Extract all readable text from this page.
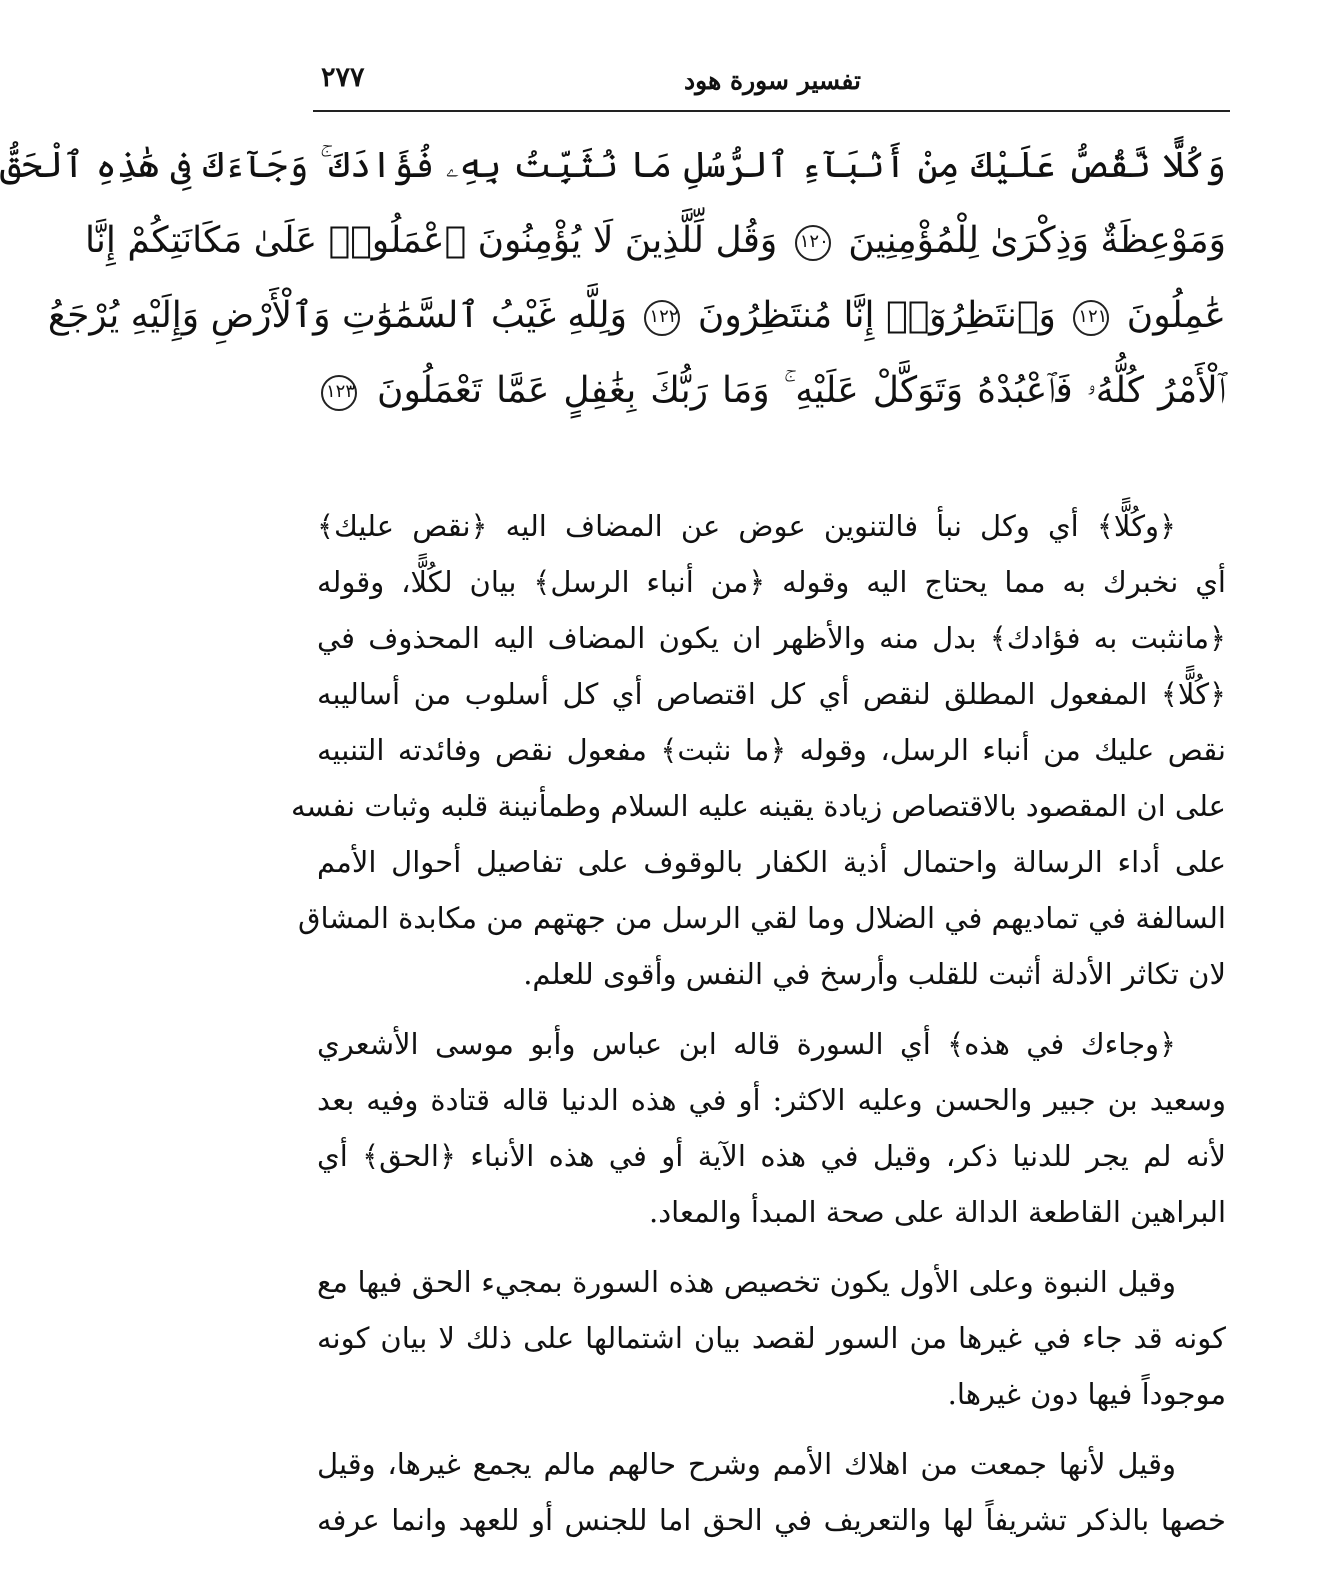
٢٧٧	تفسير سورة هود
وَكُلًّا نَّقُصُّ عَلَيْكَ مِنْ أَنۢبَآءِ ٱلرُّسُلِ مَا نُثَبِّتُ بِهِۦ فُؤَادَكَ ۚ وَجَآءَكَ فِى هَٰذِهِ ٱلْحَقُّ
وَمَوْعِظَةٌ وَذِكْرَىٰ لِلْمُؤْمِنِينَ ١٢٠ وَقُل لِّلَّذِينَ لَا يُؤْمِنُونَ ٱعْمَلُوا۟ عَلَىٰ مَكَانَتِكُمْ إِنَّا
عَٰمِلُونَ ١٢١ وَٱنتَظِرُوٓا۟ إِنَّا مُنتَظِرُونَ ١٢٢ وَلِلَّهِ غَيْبُ ٱلسَّمَٰوَٰتِ وَٱلْأَرْضِ وَإِلَيْهِ يُرْجَعُ
ٱلْأَمْرُ كُلُّهُۥ فَٱعْبُدْهُ وَتَوَكَّلْ عَلَيْهِ ۚ وَمَا رَبُّكَ بِغَٰفِلٍ عَمَّا تَعْمَلُونَ ١٢٣

﴿وكُلًّا﴾ أي وكل نبأ فالتنوين عوض عن المضاف اليه ﴿نقص عليك﴾
أي نخبرك به مما يحتاج اليه وقوله ﴿من أنباء الرسل﴾ بيان لكُلًّا، وقوله
﴿مانثبت به فؤادك﴾ بدل منه والأظهر ان يكون المضاف اليه المحذوف في
﴿كُلًّا﴾ المفعول المطلق لنقص أي كل اقتصاص أي كل أسلوب من أساليبه
نقص عليك من أنباء الرسل، وقوله ﴿ما نثبت﴾ مفعول نقص وفائدته التنبيه
على ان المقصود بالاقتصاص زيادة يقينه عليه السلام وطمأنينة قلبه وثبات نفسه
على أداء الرسالة واحتمال أذية الكفار بالوقوف على تفاصيل أحوال الأمم
السالفة في تماديهم في الضلال وما لقي الرسل من جهتهم من مكابدة المشاق
لان تكاثر الأدلة أثبت للقلب وأرسخ في النفس وأقوى للعلم.

﴿وجاءك في هذه﴾ أي السورة قاله ابن عباس وأبو موسى الأشعري
وسعيد بن جبير والحسن وعليه الاكثر: أو في هذه الدنيا قاله قتادة وفيه بعد
لأنه لم يجر للدنيا ذكر، وقيل في هذه الآية أو في هذه الأنباء ﴿الحق﴾ أي
البراهين القاطعة الدالة على صحة المبدأ والمعاد.

وقيل النبوة وعلى الأول يكون تخصيص هذه السورة بمجيء الحق فيها مع
كونه قد جاء في غيرها من السور لقصد بيان اشتمالها على ذلك لا بيان كونه
موجوداً فيها دون غيرها.

وقيل لأنها جمعت من اهلاك الأمم وشرح حالهم مالم يجمع غيرها، وقيل
خصها بالذكر تشريفاً لها والتعريف في الحق اما للجنس أو للعهد وانما عرفه
